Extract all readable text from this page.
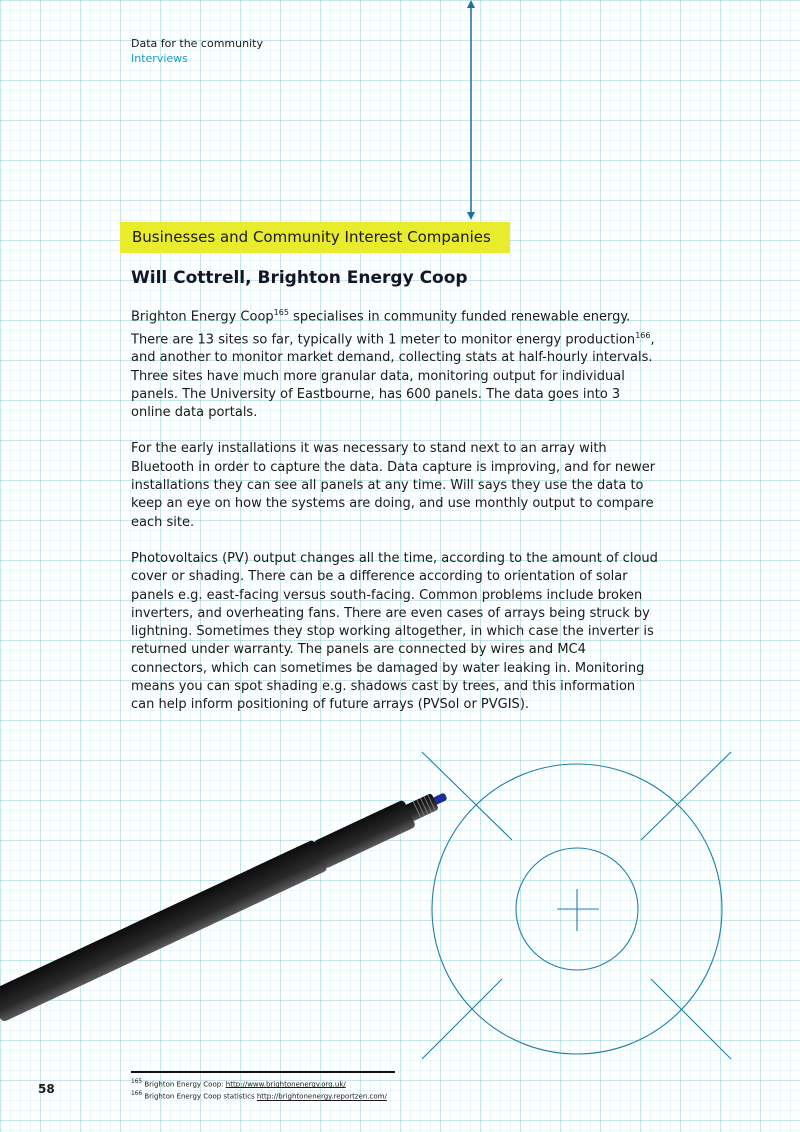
Data for the community
Interviews
Businesses and Community Interest Companies
Will Cottrell, Brighton Energy Coop

Brighton Energy Coop$^{165}$ specialises in community funded renewable energy. There are 13 sites so far, typically with 1 meter to monitor energy production$^{166}$, and another to monitor market demand, collecting stats at half-hourly intervals. Three sites have much more granular data, monitoring output for individual panels. The University of Eastbourne, has 600 panels. The data goes into 3 online data portals.

For the early installations it was necessary to stand next to an array with Bluetooth in order to capture the data. Data capture is improving, and for newer installations they can see all panels at any time. Will says they use the data to keep an eye on how the systems are doing, and use monthly output to compare each site.

Photovoltaics (PV) output changes all the time, according to the amount of cloud cover or shading. There can be a difference according to orientation of solar panels e.g. east-facing versus south-facing. Common problems include broken inverters, and overheating fans. There are even cases of arrays being struck by lightning. Sometimes they stop working altogether, in which case the inverter is returned under warranty. The panels are connected by wires and MC4 connectors, which can sometimes be damaged by water leaking in. Monitoring means you can spot shading e.g. shadows cast by trees, and this information can help inform positioning of future arrays (PVSol or PVGIS).

$^{165}$ Brighton Energy Coop: http://www.brightonenergy.org.uk/
$^{166}$ Brighton Energy Coop statistics http://brightonenergy.reportzen.com/
58
